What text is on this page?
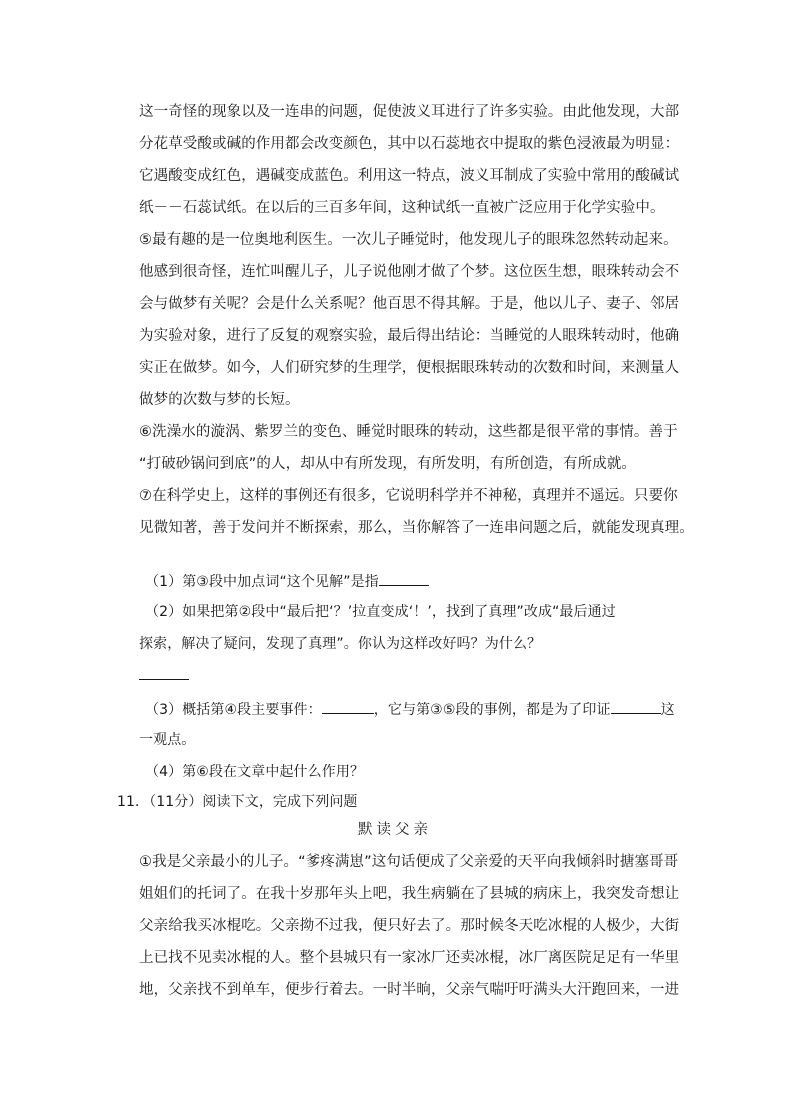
这一奇怪的现象以及一连串的问题，促使波义耳进行了许多实验。由此他发现，大部
分花草受酸或碱的作用都会改变颜色，其中以石蕊地衣中提取的紫色浸液最为明显：
它遇酸变成红色，遇碱变成蓝色。利用这一特点，波义耳制成了实验中常用的酸碱试
纸－－石蕊试纸。在以后的三百多年间，这种试纸一直被广泛应用于化学实验中。
⑤最有趣的是一位奥地利医生。一次儿子睡觉时，他发现儿子的眼珠忽然转动起来。
他感到很奇怪，连忙叫醒儿子，儿子说他刚才做了个梦。这位医生想，眼珠转动会不
会与做梦有关呢？会是什么关系呢？他百思不得其解。于是，他以儿子、妻子、邻居
为实验对象，进行了反复的观察实验，最后得出结论：当睡觉的人眼珠转动时，他确
实正在做梦。如今，人们研究梦的生理学，便根据眼珠转动的次数和时间，来测量人
做梦的次数与梦的长短。
⑥洗澡水的漩涡、紫罗兰的变色、睡觉时眼珠的转动，这些都是很平常的事情。善于
“打破砂锅问到底”的人，却从中有所发现，有所发明，有所创造，有所成就。
⑦在科学史上，这样的事例还有很多，它说明科学并不神秘，真理并不遥远。只要你
见微知著，善于发问并不断探索，那么，当你解答了一连串问题之后，就能发现真理。
（1）第③段中加点词“这个见解”是指
（2）如果把第②段中“最后把‘？’拉直变成‘！’，找到了真理”改成“最后通过
探索，解决了疑问，发现了真理”。你认为这样改好吗？为什么？
（3）概括第④段主要事件：	，它与第③⑤段的事例，都是为了印证	这
一观点。
（4）第⑥段在文章中起什么作用？
11．（11分）阅读下文，完成下列问题
默读父亲
①我是父亲最小的儿子。“爹疼满崽”这句话便成了父亲爱的天平向我倾斜时搪塞哥哥
姐姐们的托词了。在我十岁那年头上吧，我生病躺在了县城的病床上，我突发奇想让
父亲给我买冰棍吃。父亲拗不过我，便只好去了。那时候冬天吃冰棍的人极少，大街
上已找不见卖冰棍的人。整个县城只有一家冰厂还卖冰棍，冰厂离医院足足有一华里
地，父亲找不到单车，便步行着去。一时半晌，父亲气喘吁吁满头大汗跑回来，一进
